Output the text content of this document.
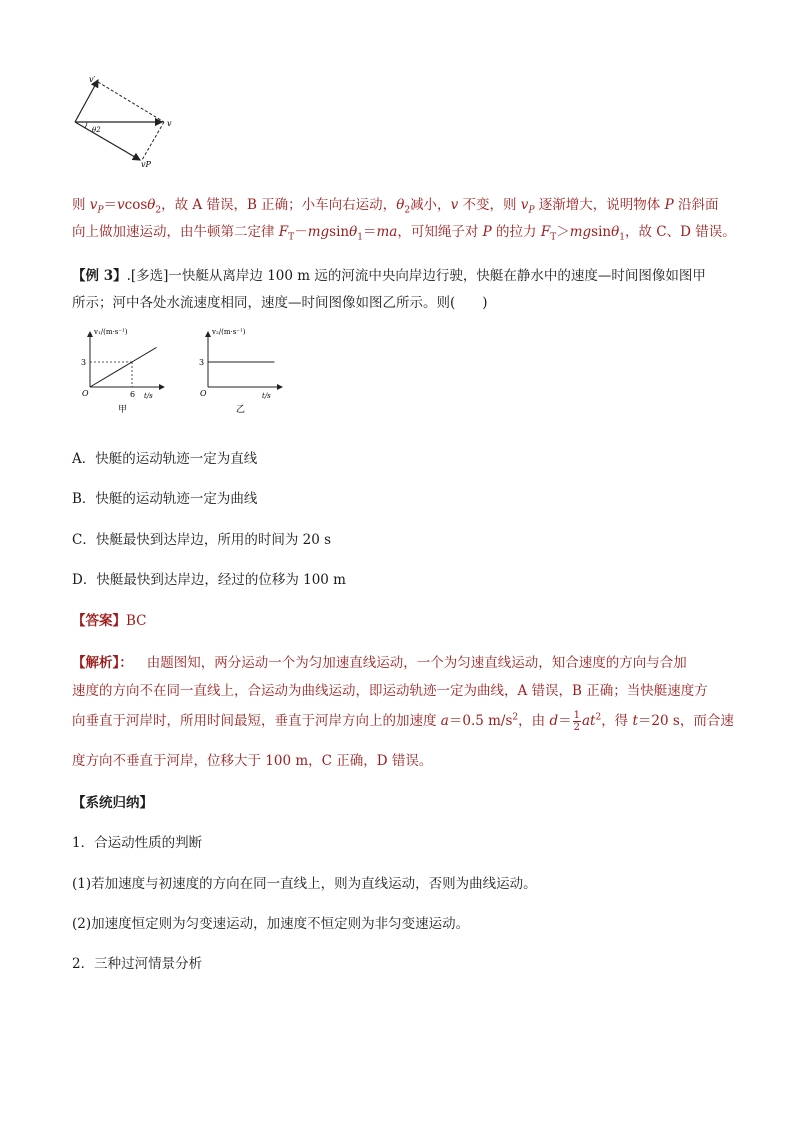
v′
v
vP
θ2
则 $v_P=vcos\theta_2$，故 A 错误，B 正确；小车向右运动，$\theta_2$减小，v 不变，则 $v_P$ 逐渐增大，说明物体 P 沿斜面
向上做加速运动，由牛顿第二定律 $F_T-mgsin\theta_1=ma$，可知绳子对 P 的拉力 $F_T>mgsin\theta_1$，故 C、D 错误。
【例 3】.[多选]一快艇从离岸边 100 m 远的河流中央向岸边行驶，快艇在静水中的速度—时间图像如图甲
所示；河中各处水流速度相同，速度—时间图像如图乙所示。则(　　)
v₁/(m·s⁻¹)
t/s
O
3
6
甲
v₂/(m·s⁻¹)
t/s
O
3
乙
A．快艇的运动轨迹一定为直线
B．快艇的运动轨迹一定为曲线
C．快艇最快到达岸边，所用的时间为 20 s
D．快艇最快到达岸边，经过的位移为 100 m
【答案】BC
【解析】： 由题图知，两分运动一个为匀加速直线运动，一个为匀速直线运动，知合速度的方向与合加
速度的方向不在同一直线上，合运动为曲线运动，即运动轨迹一定为曲线，A 错误，B 正确；当快艇速度方
向垂直于河岸时，所用时间最短，垂直于河岸方向上的加速度 a＝0.5 $m/s^2$，由 $d= \frac{1}{2} at^2$，得 t＝20 s，而合速
度方向不垂直于河岸，位移大于 100 m，C 正确，D 错误。
【系统归纳】
1．合运动性质的判断
(1)若加速度与初速度的方向在同一直线上，则为直线运动，否则为曲线运动。
(2)加速度恒定则为匀变速运动，加速度不恒定则为非匀变速运动。
2．三种过河情景分析
